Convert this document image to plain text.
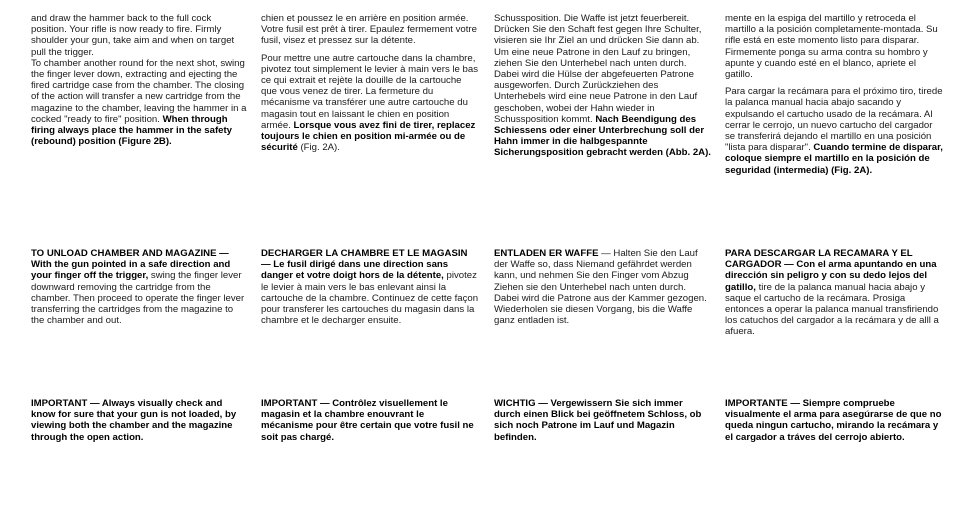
and draw the hammer back to the full cock position. Your rifle is now ready to fire. Firmly shoulder your gun, take aim and when on target pull the trigger.

To chamber another round for the next shot, swing the finger lever down, extracting and ejecting the fired cartridge case from the chamber. The closing of the action will transfer a new cartridge from the magazine to the chamber, leaving the hammer in a cocked "ready to fire" position. When through firing always place the hammer in the safety (rebound) position (Figure 2B).

TO UNLOAD CHAMBER AND MAGAZINE — With the gun pointed in a safe direction and your finger off the trigger, swing the finger lever downward removing the cartridge from the chamber. Then proceed to operate the finger lever transferring the cartridges from the magazine to the chamber and out.

IMPORTANT — Always visually check and know for sure that your gun is not loaded, by viewing both the chamber and the magazine through the open action.

chien et poussez le en arrière en position armée. Votre fusil est prêt à tirer. Epaulez fermement votre fusil, visez et pressez sur la détente.

Pour mettre une autre cartouche dans la chambre, pivotez tout simplement le levier à main vers le bas ce qui extrait et rejète la douille de la cartouche que vous venez de tirer. La fermeture du mécanisme va transférer une autre cartouche du magasin tout en laissant le chien en position armée. Lorsque vous avez fini de tirer, replacez toujours le chien en position mi-armée ou de sécurité (Fig. 2A).

DECHARGER LA CHAMBRE ET LE MAGASIN — Le fusil dirigé dans une direction sans danger et votre doigt hors de la détente, pivotez le levier à main vers le bas enlevant ainsi la cartouche de la chambre. Continuez de cette façon pour transferer les cartouches du magasin dans la chambre et le decharger ensuite.

IMPORTANT — Contrôlez visuellement le magasin et la chambre enouvrant le mécanisme pour être certain que votre fusil ne soit pas chargé.

Schussposition. Die Waffe ist jetzt feuerbereit. Drücken Sie den Schaft fest gegen Ihre Schulter, visieren sie Ihr Ziel an und drücken Sie dann ab. Um eine neue Patrone in den Lauf zu bringen, ziehen Sie den Unterhebel nach unten durch.

Dabei wird die Hülse der abgefeuerten Patrone ausgeworfen. Durch Zurückziehen des Unterhebels wird eine neue Patrone in den Lauf geschoben, wobei der Hahn wieder in Schussposition kommt. Nach Beendigung des Schiessens oder einer Unterbrechung soll der Hahn immer in die halbgespannte Sicherungsposition gebracht werden (Abb. 2A).

ENTLADEN ER WAFFE — Halten Sie den Lauf der Waffe so, dass Niemand gefährdet werden kann, und nehmen Sie den Finger vom Abzug Ziehen sie den Unterhebel nach unten durch. Dabei wird die Patrone aus der Kammer gezogen. Wiederholen sie diesen Vorgang, bis die Waffe ganz entladen ist.

WICHTIG — Vergewissern Sie sich immer durch einen Blick bei geöffnetem Schloss, ob sich noch Patrone im Lauf und Magazin befinden.

mente en la espiga del martillo y retroceda el martillo a la posición completamente-montada. Su rifle está en este momento listo para disparar. Firmemente ponga su arma contra su hombro y apunte y cuando esté en el blanco, apriete el gatillo.

Para cargar la recámara para el próximo tiro, tirede la palanca manual hacia abajo sacando y expulsando el cartucho usado de la recámara. Al cerrar le cerrojo, un nuevo cartucho del cargador se transferirá dejando el martillo en una posición "lista para disparar". Cuando termine de disparar, coloque siempre el martillo en la posición de seguridad (intermedia) (Fig. 2A).

PARA DESCARGAR LA RECAMARA Y EL CARGADOR — Con el arma apuntando en una dirección sin peligro y con su dedo lejos del gatillo, tire de la palanca manual hacia abajo y saque el cartucho de la recámara. Prosiga entonces a operar la palanca manual transfiriendo los catuchos del cargador a la recámara y de alll a afuera.

IMPORTANTE — Siempre compruebe visualmente el arma para asegúrarse de que no queda ningun cartucho, mirando la recámara y el cargador a tráves del cerrojo abierto.
